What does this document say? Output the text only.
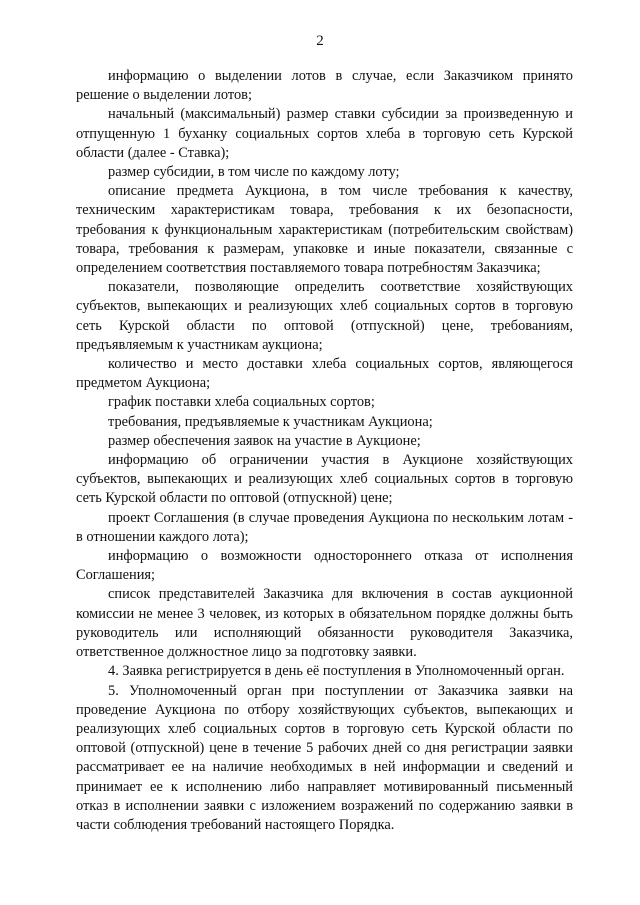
2

информацию о выделении лотов в случае, если Заказчиком принято решение о выделении лотов;

начальный (максимальный) размер ставки субсидии за произведенную и отпущенную 1 буханку социальных сортов хлеба в торговую сеть Курской области (далее - Ставка);

размер субсидии, в том числе по каждому лоту;

описание предмета Аукциона, в том числе требования к качеству, техническим характеристикам товара, требования к их безопасности, требования к функциональным характеристикам (потребительским свойствам) товара, требования к размерам, упаковке и иные показатели, связанные с определением соответствия поставляемого товара потребностям Заказчика;

показатели, позволяющие определить соответствие хозяйствующих субъектов, выпекающих и реализующих хлеб социальных сортов в торговую сеть Курской области по оптовой (отпускной) цене, требованиям, предъявляемым к участникам аукциона;

количество и место доставки хлеба социальных сортов, являющегося предметом Аукциона;

график поставки хлеба социальных сортов;

требования, предъявляемые к участникам Аукциона;

размер обеспечения заявок на участие в Аукционе;

информацию об ограничении участия в Аукционе хозяйствующих субъектов, выпекающих и реализующих хлеб социальных сортов в торговую сеть Курской области по оптовой (отпускной) цене;

проект Соглашения (в случае проведения Аукциона по нескольким лотам - в отношении каждого лота);

информацию о возможности одностороннего отказа от исполнения Соглашения;

список представителей Заказчика для включения в состав аукционной комиссии не менее 3 человек, из которых в обязательном порядке должны быть руководитель или исполняющий обязанности руководителя Заказчика, ответственное должностное лицо за подготовку заявки.

4. Заявка регистрируется в день её поступления в Уполномоченный орган.

5. Уполномоченный орган при поступлении от Заказчика заявки на проведение Аукциона по отбору хозяйствующих субъектов, выпекающих и реализующих хлеб социальных сортов в торговую сеть Курской области по оптовой (отпускной) цене в течение 5 рабочих дней со дня регистрации заявки рассматривает ее на наличие необходимых в ней информации и сведений и принимает ее к исполнению либо направляет мотивированный письменный отказ в исполнении заявки с изложением возражений по содержанию заявки в части соблюдения требований настоящего Порядка.
